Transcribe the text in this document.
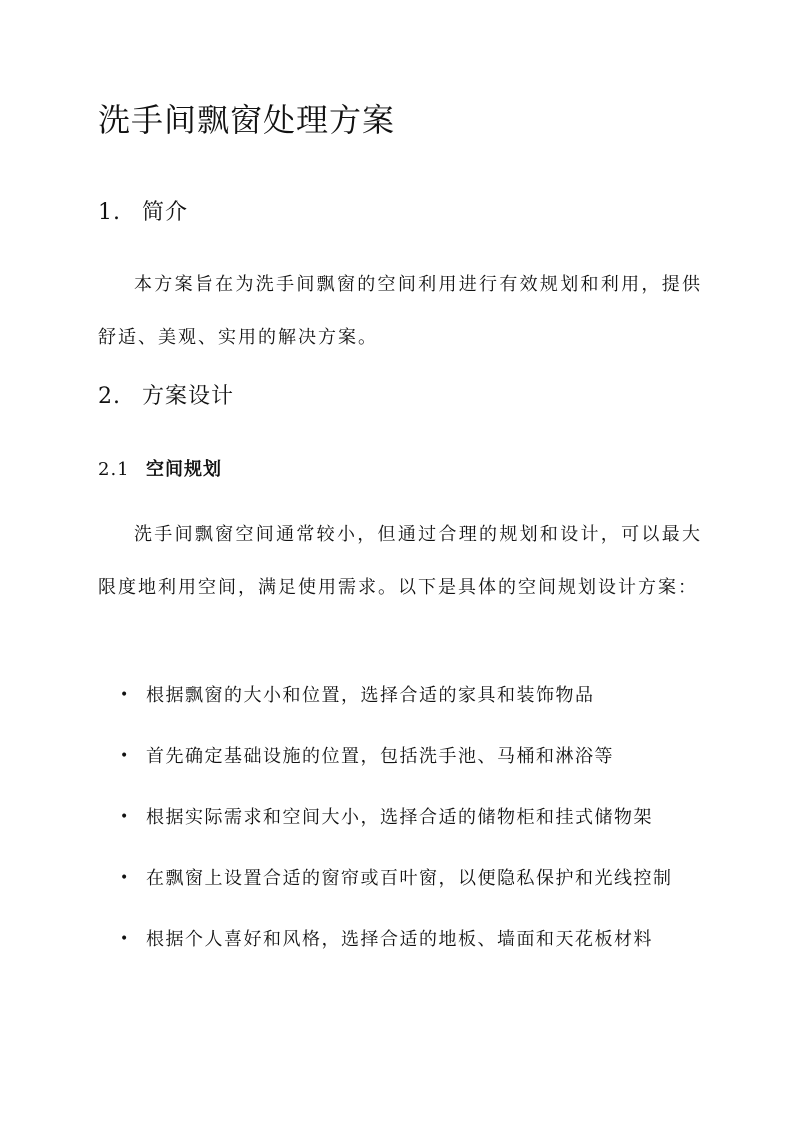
洗手间飘窗处理方案
1. 简介

本方案旨在为洗手间飘窗的空间利用进行有效规划和利用，提供舒适、美观、实用的解决方案。

2. 方案设计
2.1 空间规划

洗手间飘窗空间通常较小，但通过合理的规划和设计，可以最大限度地利用空间，满足使用需求。以下是具体的空间规划设计方案：

• 根据飘窗的大小和位置，选择合适的家具和装饰物品
• 首先确定基础设施的位置，包括洗手池、马桶和淋浴等
• 根据实际需求和空间大小，选择合适的储物柜和挂式储物架
• 在飘窗上设置合适的窗帘或百叶窗，以便隐私保护和光线控制
• 根据个人喜好和风格，选择合适的地板、墙面和天花板材料
